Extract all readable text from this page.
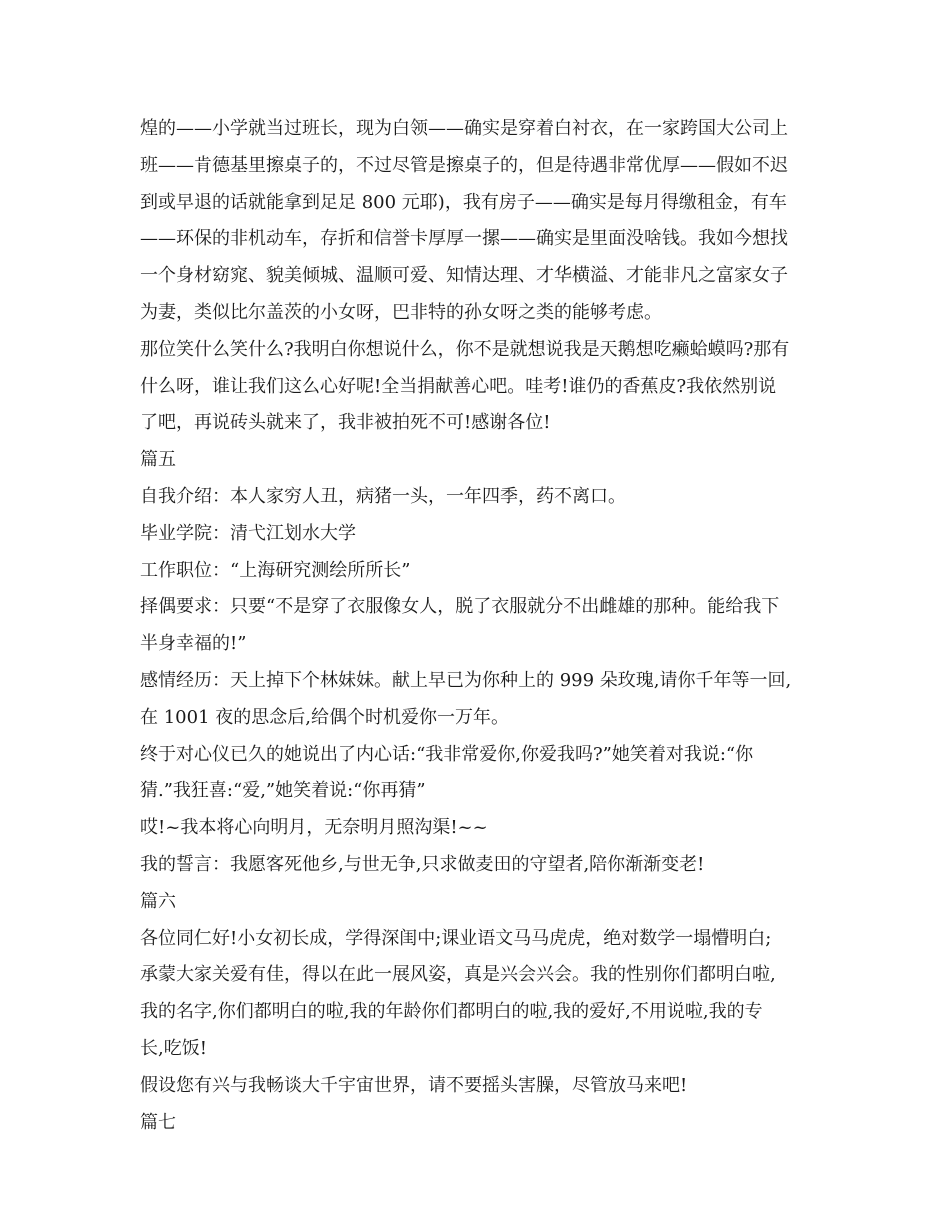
煌的——小学就当过班长，现为白领——确实是穿着白衬衣，在一家跨国大公司上
班——肯德基里擦桌子的，不过尽管是擦桌子的，但是待遇非常优厚——假如不迟
到或早退的话就能拿到足足 800 元耶)，我有房子——确实是每月得缴租金，有车
——环保的非机动车，存折和信誉卡厚厚一摞——确实是里面没啥钱。我如今想找
一个身材窈窕、貌美倾城、温顺可爱、知情达理、才华横溢、才能非凡之富家女子
为妻，类似比尔盖茨的小女呀，巴非特的孙女呀之类的能够考虑。
那位笑什么笑什么?我明白你想说什么，你不是就想说我是天鹅想吃癞蛤蟆吗?那有
什么呀，谁让我们这么心好呢!全当捐献善心吧。哇考!谁仍的香蕉皮?我依然别说
了吧，再说砖头就来了，我非被拍死不可!感谢各位!
篇五
自我介绍：本人家穷人丑，病猪一头，一年四季，药不离口。
毕业学院：清弋江划水大学
工作职位：“上海研究测绘所所长”
择偶要求：只要“不是穿了衣服像女人，脱了衣服就分不出雌雄的那种。能给我下
半身幸福的!”
感情经历：天上掉下个林妹妹。献上早已为你种上的 999 朵玫瑰,请你千年等一回,
在 1001 夜的思念后,给偶个时机爱你一万年。
终于对心仪已久的她说出了内心话:“我非常爱你,你爱我吗?”她笑着对我说:“你
猜.”我狂喜:“爱,”她笑着说:“你再猜”
哎!~我本将心向明月，无奈明月照沟渠!~~
我的誓言：我愿客死他乡,与世无争,只求做麦田的守望者,陪你渐渐变老!
篇六
各位同仁好!小女初长成，学得深闺中;课业语文马马虎虎，绝对数学一塌懵明白;
承蒙大家关爱有佳，得以在此一展风姿，真是兴会兴会。我的性别你们都明白啦,
我的名字,你们都明白的啦,我的年龄你们都明白的啦,我的爱好,不用说啦,我的专
长,吃饭!
假设您有兴与我畅谈大千宇宙世界，请不要摇头害臊，尽管放马来吧!
篇七
